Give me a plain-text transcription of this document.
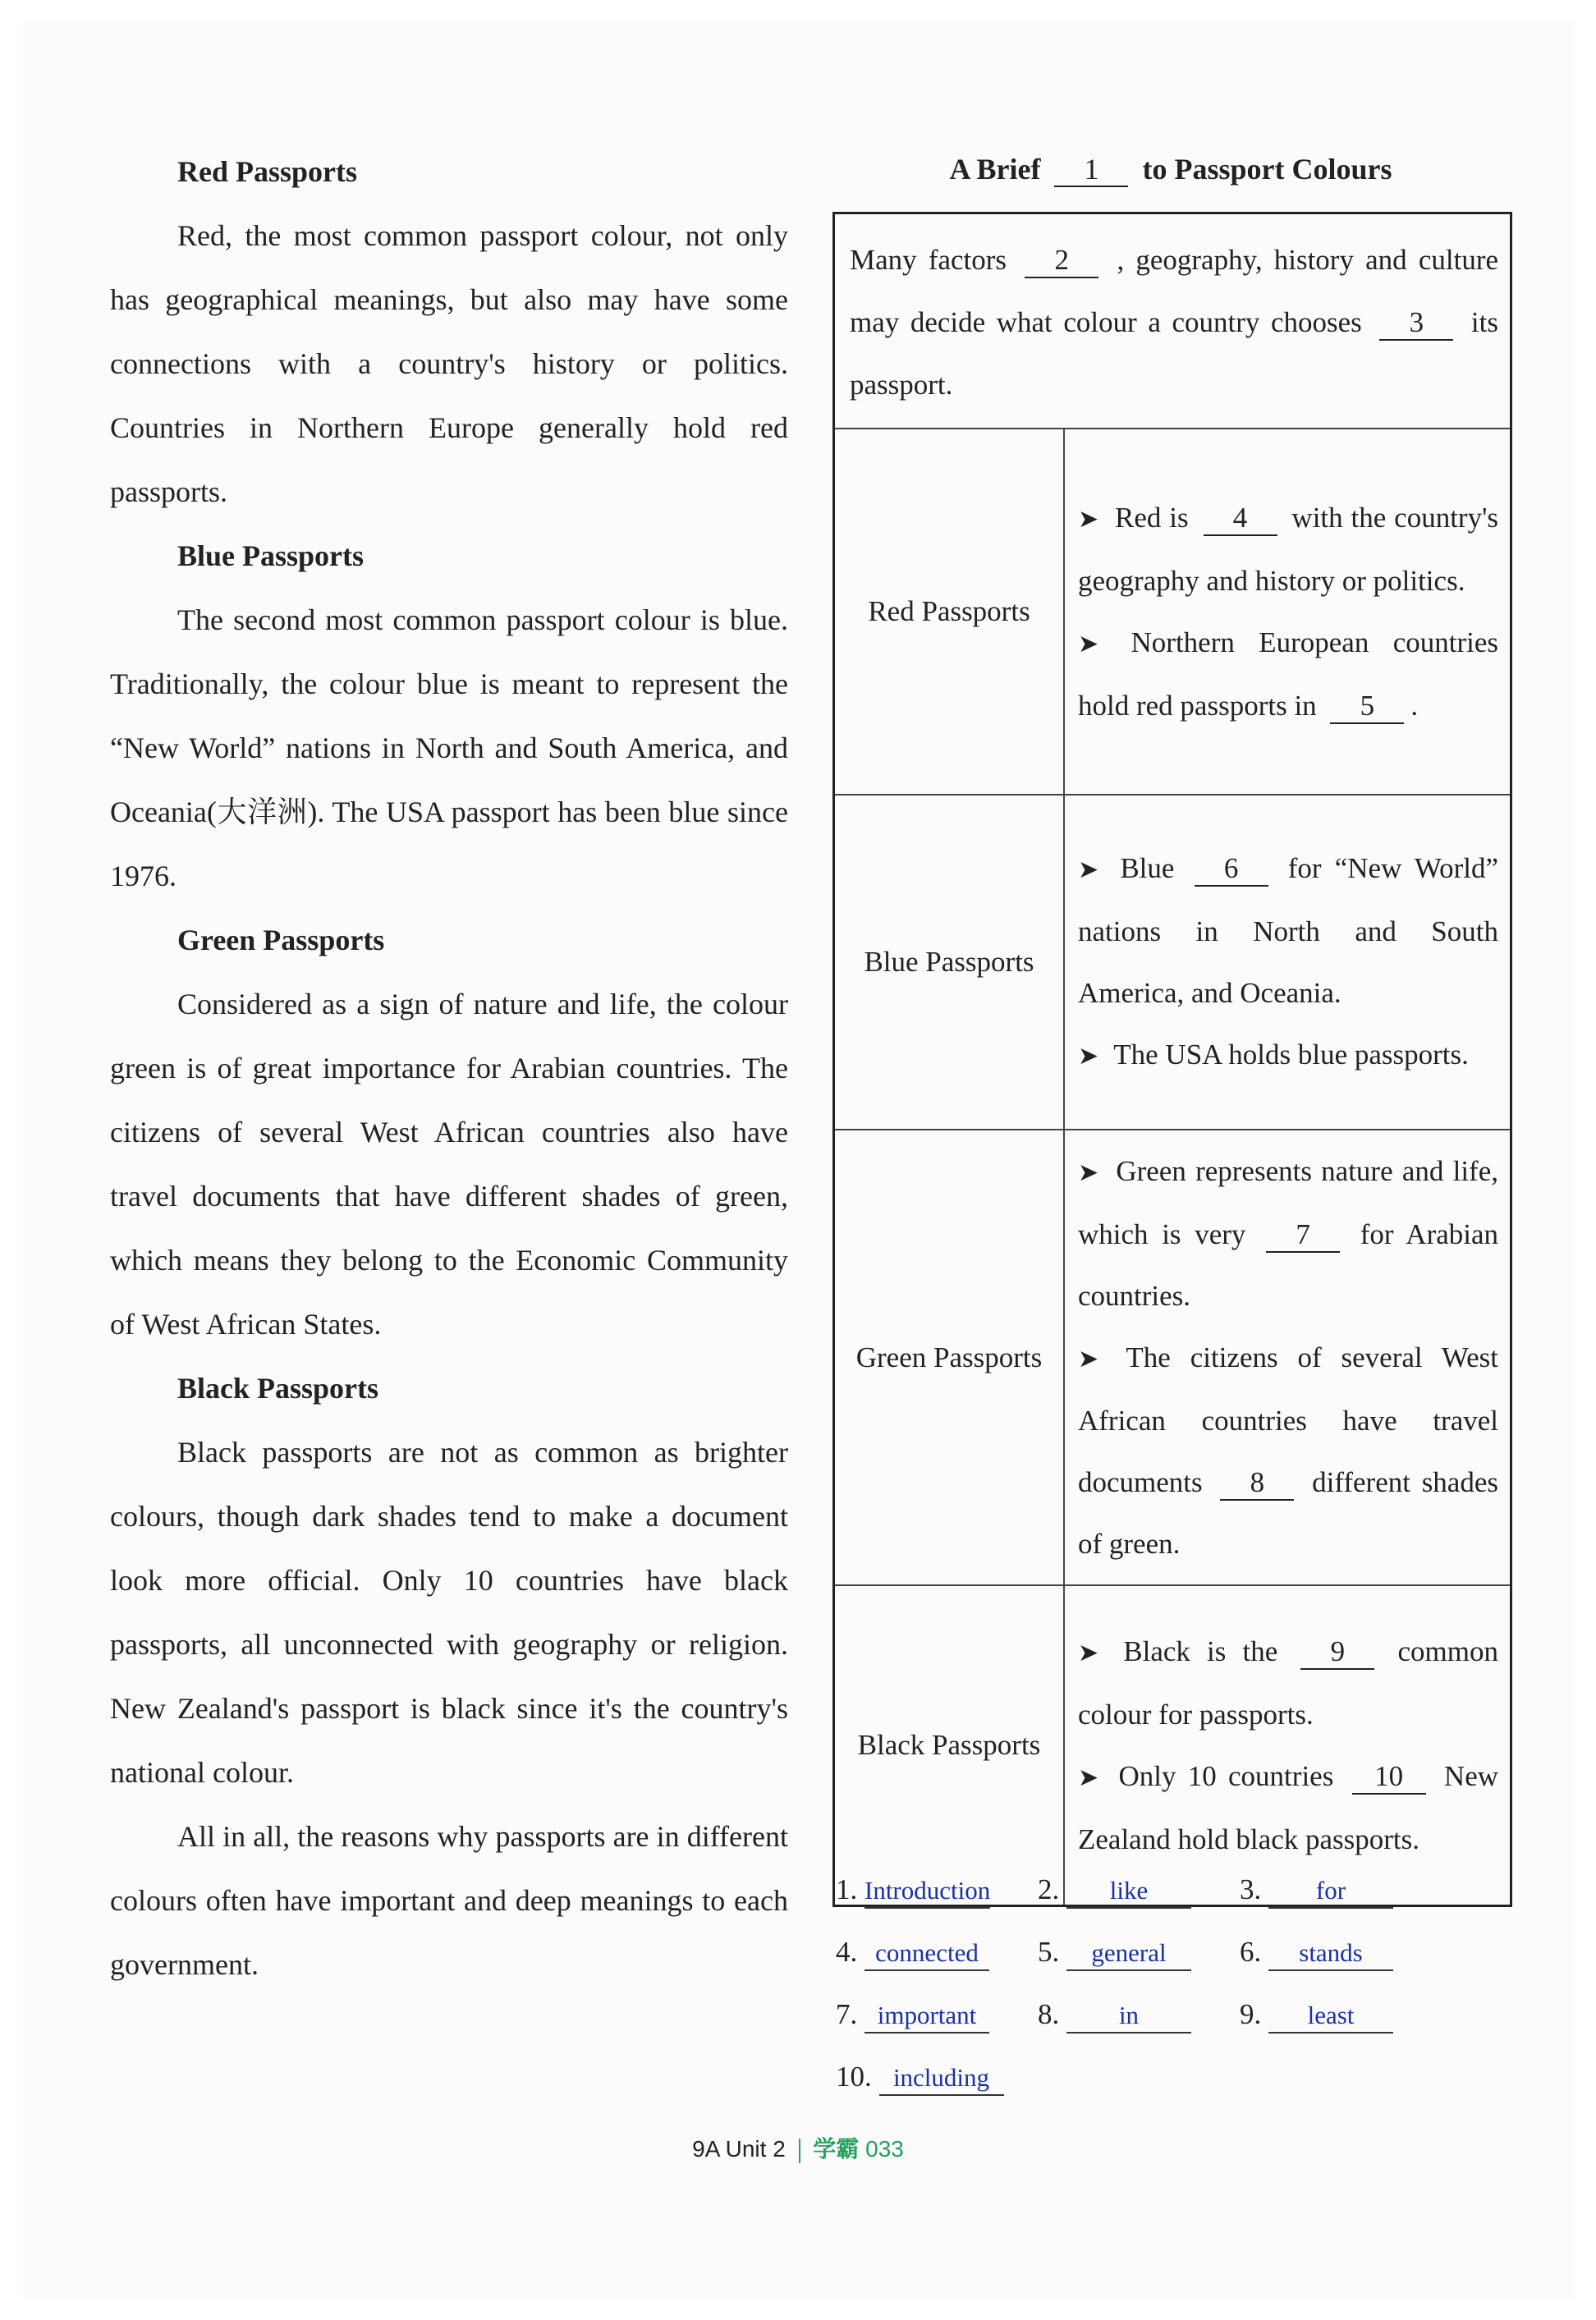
Red Passports

Red, the most common passport colour, not only has geographical meanings, but also may have some connections with a country's history or politics. Countries in Northern Europe generally hold red passports.

Blue Passports

The second most common passport colour is blue. Traditionally, the colour blue is meant to represent the “New World” nations in North and South America, and Oceania(大洋洲). The USA passport has been blue since 1976.

Green Passports

Considered as a sign of nature and life, the colour green is of great importance for Arabian countries. The citizens of several West African countries also have travel documents that have different shades of green, which means they belong to the Economic Community of West African States.

Black Passports

Black passports are not as common as brighter colours, though dark shades tend to make a document look more official. Only 10 countries have black passports, all unconnected with geography or religion. New Zealand's passport is black since it's the country's national colour.

All in all, the reasons why passports are in different colours often have important and deep meanings to each government.

A Brief 1 to Passport Colours
Many factors 2 , geography, history and culture may decide what colour a country chooses 3 its passport.	
Red Passports	➤ Red is 4 with the country's geography and history or politics.

➤ Northern European countries hold red passports in 5 .

Blue Passports	➤ Blue 6 for “New World” nations in North and South America, and Oceania.

➤ The USA holds blue passports.

Green Passports	➤ Green represents nature and life, which is very 7 for Arabian countries.

➤ The citizens of several West African countries have travel documents 8 different shades of green.

Black Passports	➤ Black is the 9 common colour for passports.

➤ Only 10 countries 10 New Zealand hold black passports.

1. Introduction 2. like	3. for
4. connected	5. general	6. stands
7. important	8. in	9. least
10. including
9A Unit 2 学霸 033
